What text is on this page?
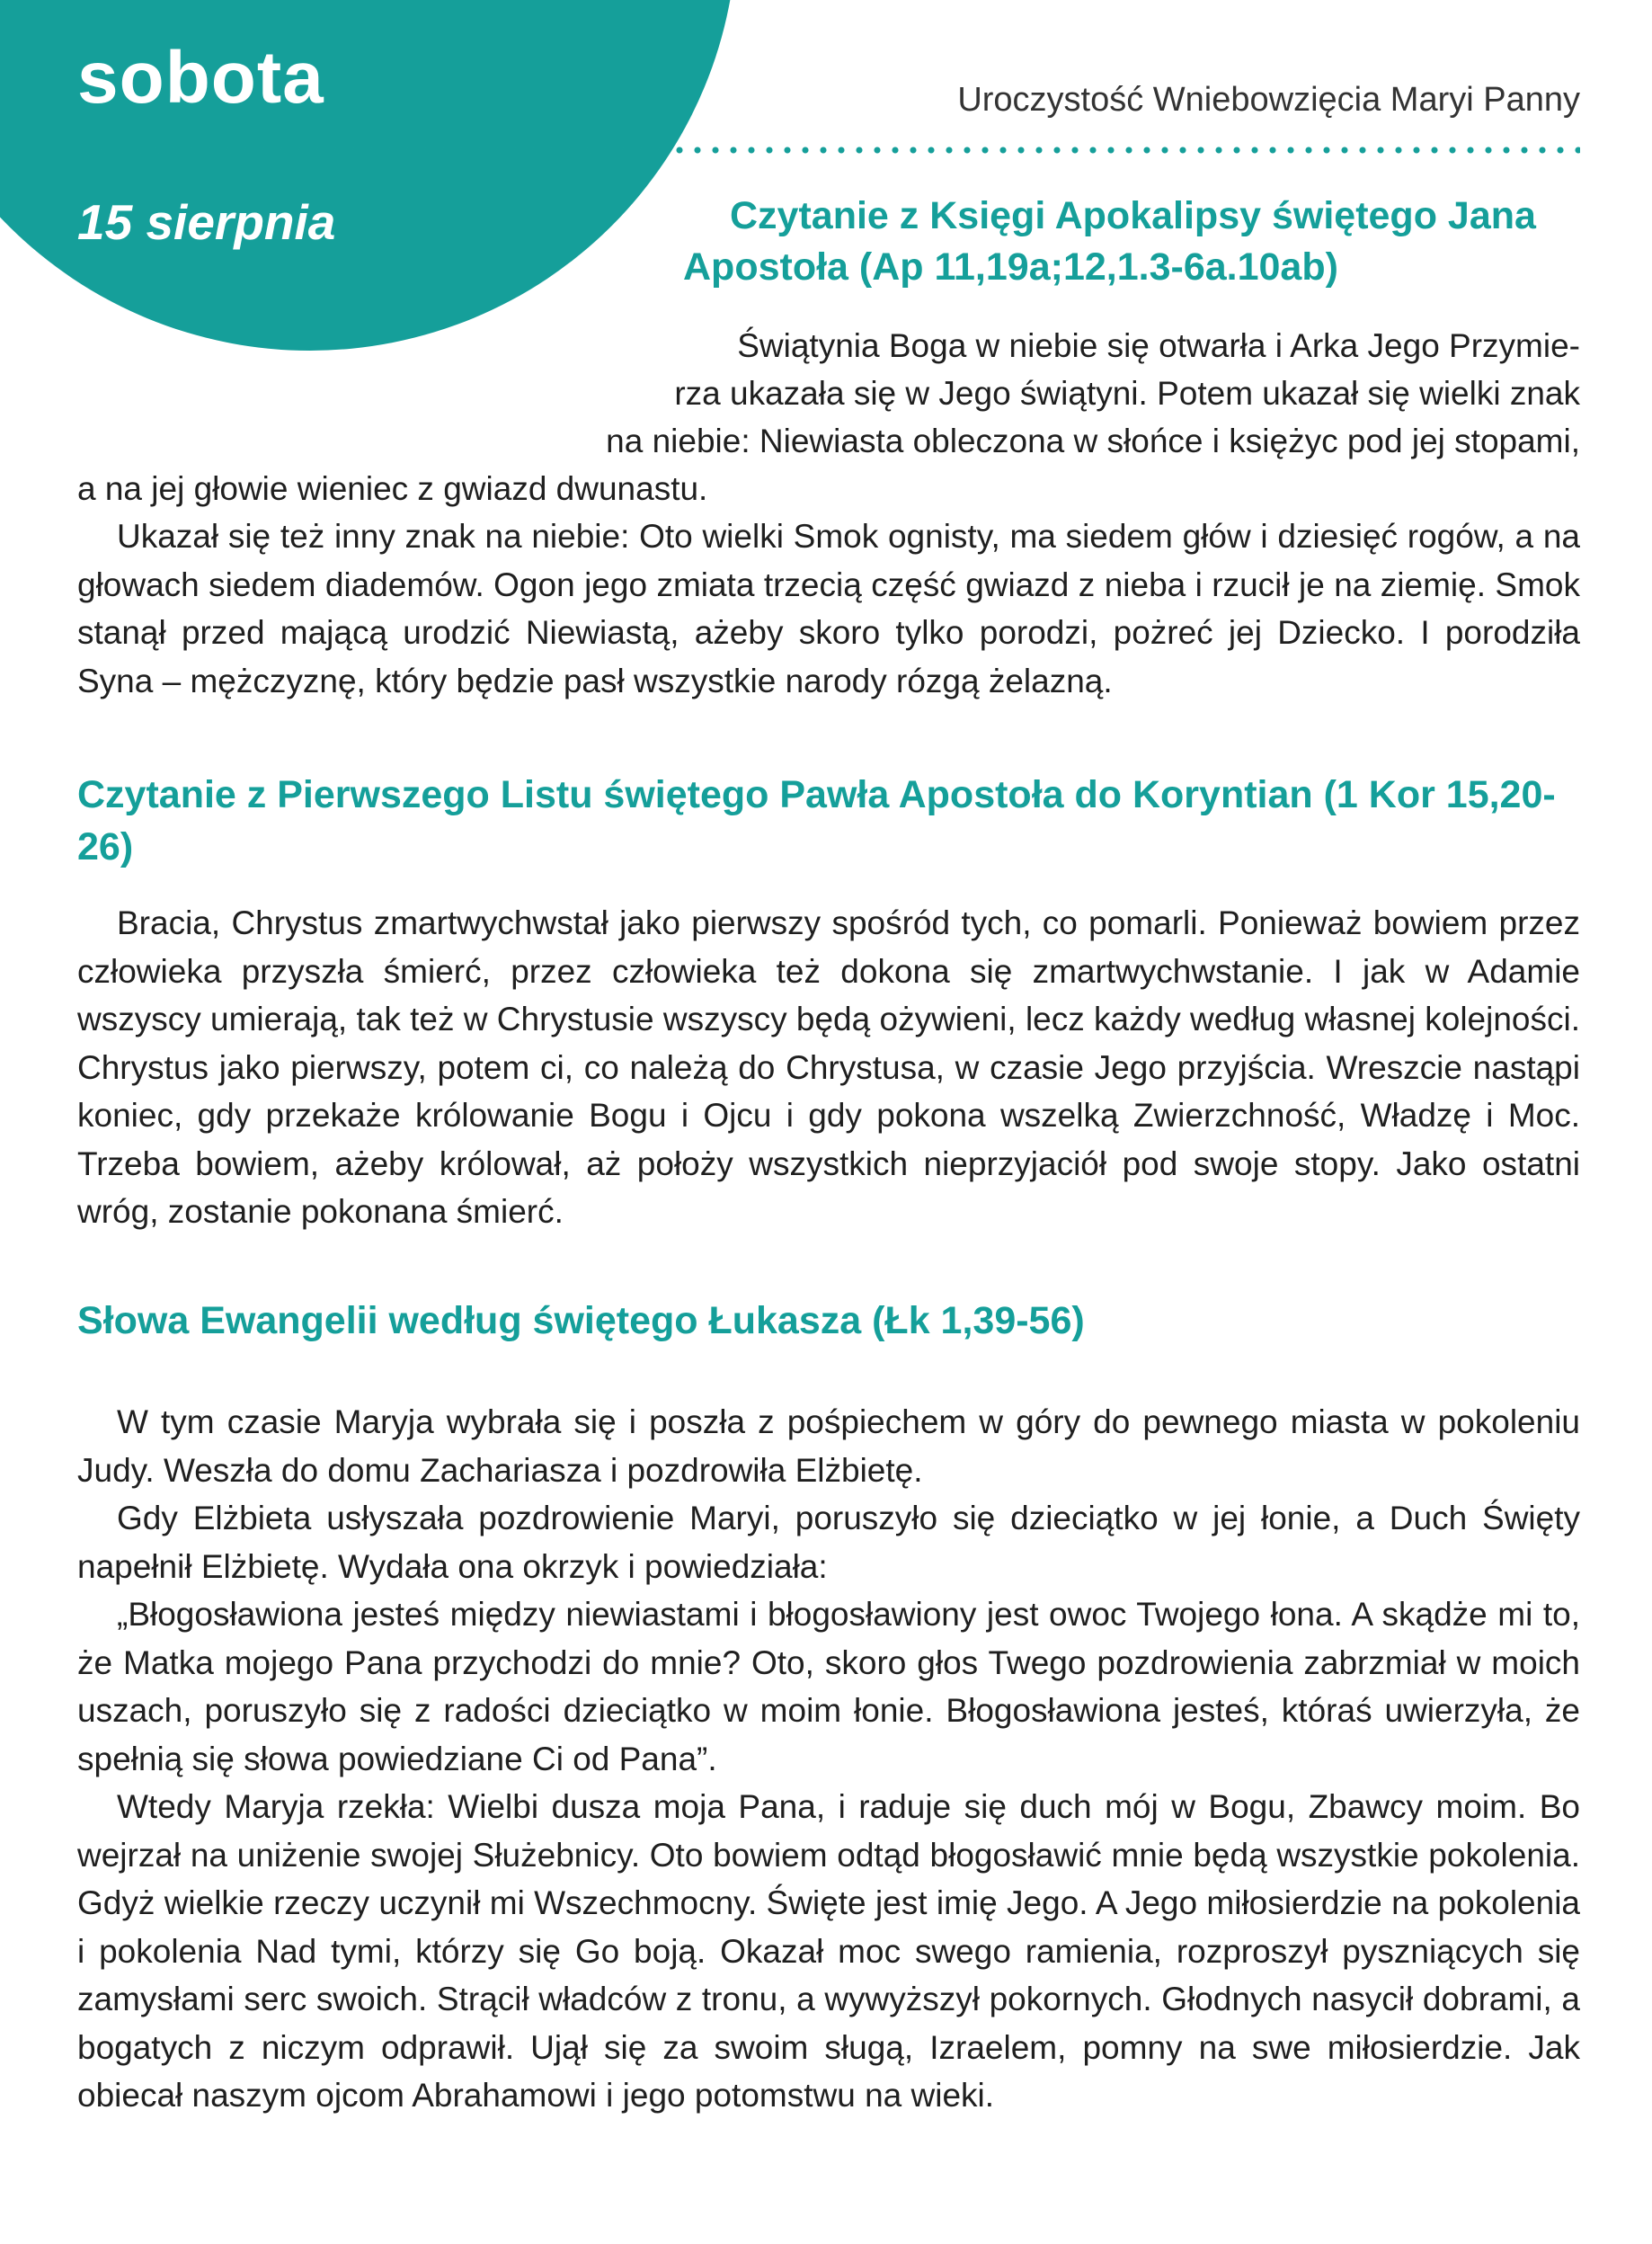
sobota
15 sierpnia
Uroczystość Wniebowzięcia Maryi Panny
Czytanie z Księgi Apokalipsy świętego Jana
Apostoła (Ap 11,19a;12,1.3-6a.10ab)
Świątynia Boga w niebie się otwarła i Arka Jego Przymie-
rza ukazała się w Jego świątyni. Potem ukazał się wielki znak
na niebie: Niewiasta obleczona w słońce i księżyc pod jej stopami,
a na jej głowie wieniec z gwiazd dwunastu.

Ukazał się też inny znak na niebie: Oto wielki Smok ognisty, ma siedem głów i dziesięć rogów, a na głowach siedem diademów. Ogon jego zmiata trzecią część gwiazd z nieba i rzucił je na ziemię. Smok stanął przed mającą urodzić Niewiastą, ażeby skoro tylko porodzi, pożreć jej Dziecko. I porodziła Syna – mężczyznę, który będzie pasł wszystkie narody rózgą żelazną.

Czytanie z Pierwszego Listu świętego Pawła Apostoła do Koryntian (1 Kor 15,20-26)

Bracia, Chrystus zmartwychwstał jako pierwszy spośród tych, co pomarli. Ponieważ bowiem przez człowieka przyszła śmierć, przez człowieka też dokona się zmartwychwstanie. I jak w Adamie wszyscy umierają, tak też w Chrystusie wszyscy będą ożywieni, lecz każdy według własnej kolejności. Chrystus jako pierwszy, potem ci, co należą do Chrystusa, w czasie Jego przyjścia. Wreszcie nastąpi koniec, gdy przekaże królowanie Bogu i Ojcu i gdy pokona wszelką Zwierzchność, Władzę i Moc. Trzeba bowiem, ażeby królował, aż położy wszystkich nieprzyjaciół pod swoje stopy. Jako ostatni wróg, zostanie pokonana śmierć.

Słowa Ewangelii według świętego Łukasza (Łk 1,39-56)

W tym czasie Maryja wybrała się i poszła z pośpiechem w góry do pewnego miasta w pokoleniu Judy. Weszła do domu Zachariasza i pozdrowiła Elżbietę.

Gdy Elżbieta usłyszała pozdrowienie Maryi, poruszyło się dzieciątko w jej łonie, a Duch Święty napełnił Elżbietę. Wydała ona okrzyk i powiedziała:

„Błogosławiona jesteś między niewiastami i błogosławiony jest owoc Twojego łona. A skądże mi to, że Matka mojego Pana przychodzi do mnie? Oto, skoro głos Twego pozdrowienia zabrzmiał w moich uszach, poruszyło się z radości dzieciątko w moim łonie. Błogosławiona jesteś, któraś uwierzyła, że spełnią się słowa powiedziane Ci od Pana”.

Wtedy Maryja rzekła: Wielbi dusza moja Pana, i raduje się duch mój w Bogu, Zbawcy moim. Bo wejrzał na uniżenie swojej Służebnicy. Oto bowiem odtąd błogosławić mnie będą wszystkie pokolenia. Gdyż wielkie rzeczy uczynił mi Wszechmocny. Święte jest imię Jego. A Jego miłosierdzie na pokolenia i pokolenia Nad tymi, którzy się Go boją. Okazał moc swego ramienia, rozproszył pyszniących się zamysłami serc swoich. Strącił władców z tronu, a wywyższył pokornych. Głodnych nasycił dobrami, a bogatych z niczym odprawił. Ujął się za swoim sługą, Izraelem, pomny na swe miłosierdzie. Jak obiecał naszym ojcom Abrahamowi i jego potomstwu na wieki.
